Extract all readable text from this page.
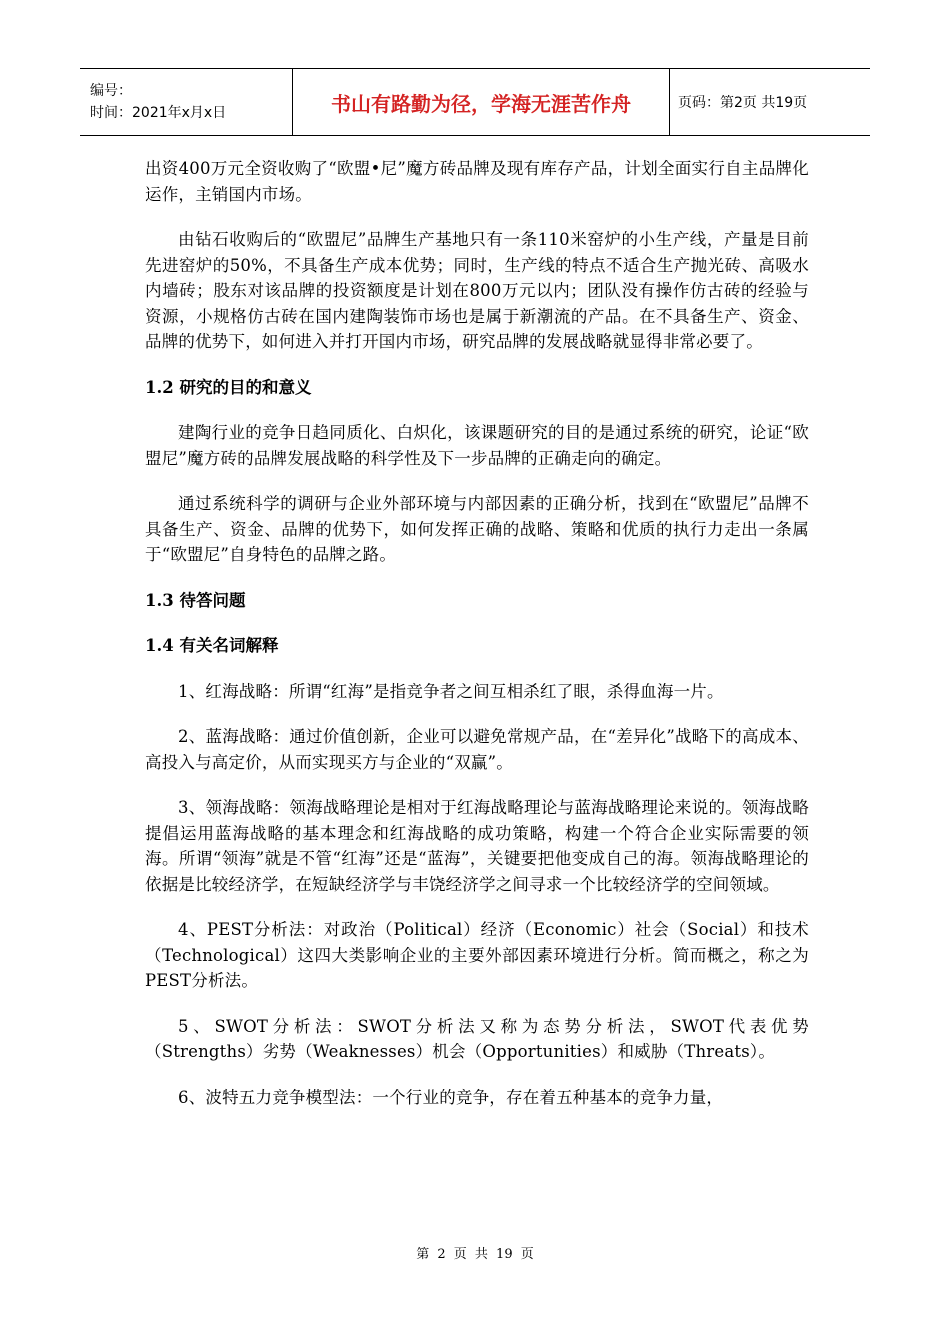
编号：
时间：2021年x月x日	书山有路勤为径，学海无涯苦作舟	页码：第2页 共19页

出资400万元全资收购了“欧盟•尼”魔方砖品牌及现有库存产品，计划全面实行自主品牌化运作，主销国内市场。

由钻石收购后的“欧盟尼”品牌生产基地只有一条110米窑炉的小生产线，产量是目前先进窑炉的50%，不具备生产成本优势；同时，生产线的特点不适合生产抛光砖、高吸水内墙砖；股东对该品牌的投资额度是计划在800万元以内；团队没有操作仿古砖的经验与资源，小规格仿古砖在国内建陶装饰市场也是属于新潮流的产品。在不具备生产、资金、品牌的优势下，如何进入并打开国内市场，研究品牌的发展战略就显得非常必要了。

1.2 研究的目的和意义

建陶行业的竞争日趋同质化、白炽化，该课题研究的目的是通过系统的研究，论证“欧盟尼”魔方砖的品牌发展战略的科学性及下一步品牌的正确走向的确定。

通过系统科学的调研与企业外部环境与内部因素的正确分析，找到在“欧盟尼”品牌不具备生产、资金、品牌的优势下，如何发挥正确的战略、策略和优质的执行力走出一条属于“欧盟尼”自身特色的品牌之路。

1.3 待答问题
1.4 有关名词解释

1、红海战略：所谓“红海”是指竞争者之间互相杀红了眼，杀得血海一片。

2、蓝海战略：通过价值创新，企业可以避免常规产品，在“差异化”战略下的高成本、高投入与高定价，从而实现买方与企业的“双赢”。

3、领海战略：领海战略理论是相对于红海战略理论与蓝海战略理论来说的。领海战略提倡运用蓝海战略的基本理念和红海战略的成功策略，构建一个符合企业实际需要的领海。所谓“领海”就是不管“红海”还是“蓝海”，关键要把他变成自己的海。领海战略理论的依据是比较经济学，在短缺经济学与丰饶经济学之间寻求一个比较经济学的空间领域。

4、PEST分析法：对政治（Political）经济（Economic）社会（Social）和技术（Technological）这四大类影响企业的主要外部因素环境进行分析。简而概之，称之为PEST分析法。

5、SWOT分析法：SWOT分析法又称为态势分析法，SWOT代表优势（Strengths）劣势（Weaknesses）机会（Opportunities）和威胁（Threats）。

6、波特五力竞争模型法：一个行业的竞争，存在着五种基本的竞争力量，

第 2 页 共 19 页
